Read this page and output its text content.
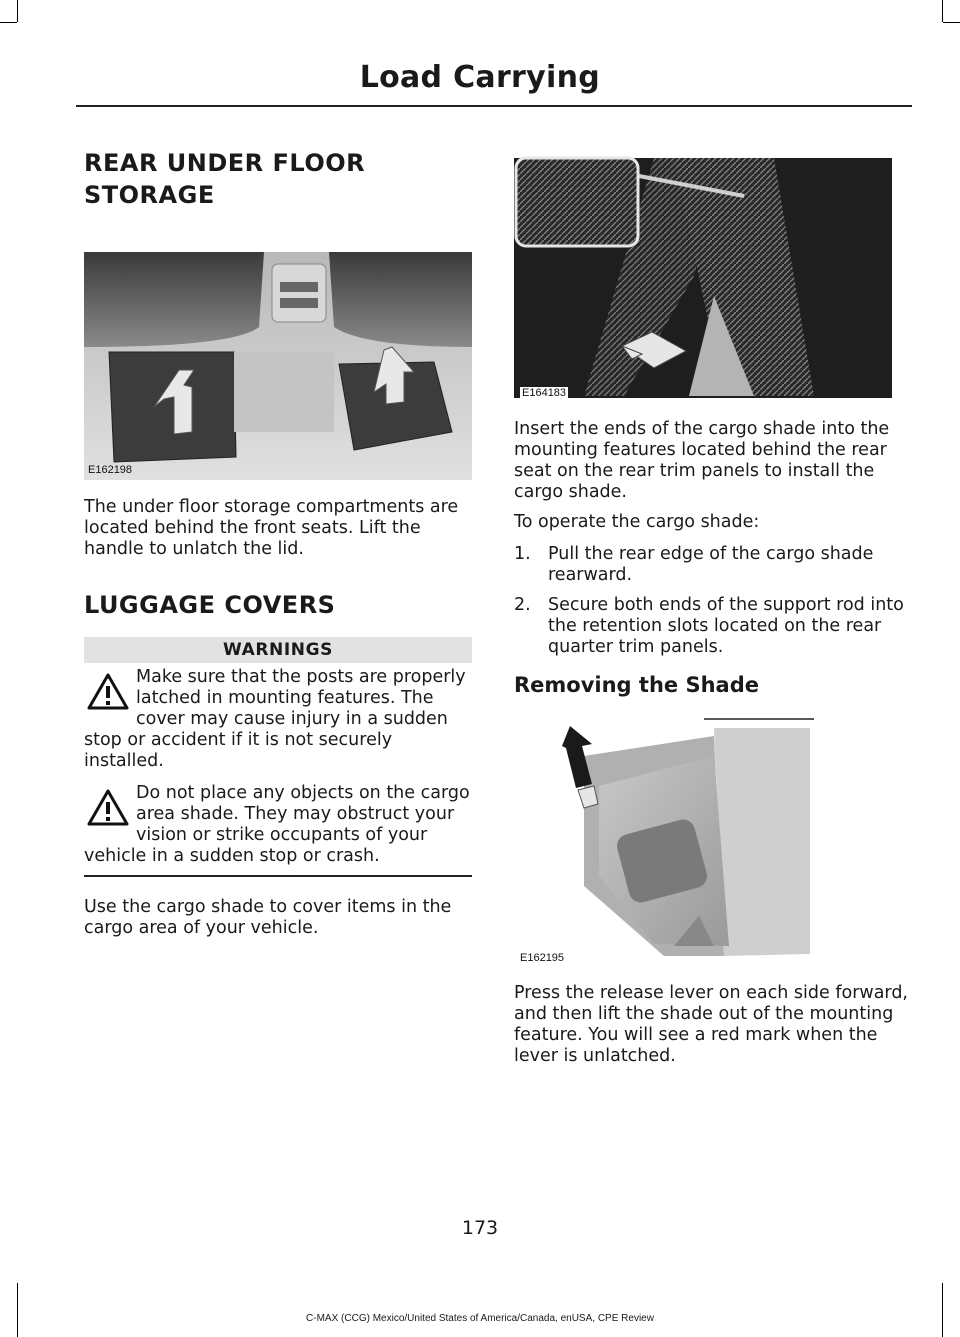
Load Carrying
REAR UNDER FLOOR
STORAGE
E162198
The under floor storage compartments are located behind the front seats. Lift the handle to unlatch the lid.
LUGGAGE COVERS
WARNINGS
Make sure that the posts are properly latched in mounting features. The cover may cause injury in a sudden stop or accident if it is not securely installed.
Do not place any objects on the cargo area shade. They may obstruct your vision or strike occupants of your vehicle in a sudden stop or crash.
Use the cargo shade to cover items in the cargo area of your vehicle.
E164183
Insert the ends of the cargo shade into the mounting features located behind the rear seat on the rear trim panels to install the cargo shade.
To operate the cargo shade:
1. Pull the rear edge of the cargo shade rearward.
2. Secure both ends of the support rod into the retention slots located on the rear quarter trim panels.
Removing the Shade
E162195
Press the release lever on each side forward, and then lift the shade out of the mounting feature. You will see a red mark when the lever is unlatched.
173
C-MAX (CCG) Mexico/United States of America/Canada, enUSA, CPE Review
